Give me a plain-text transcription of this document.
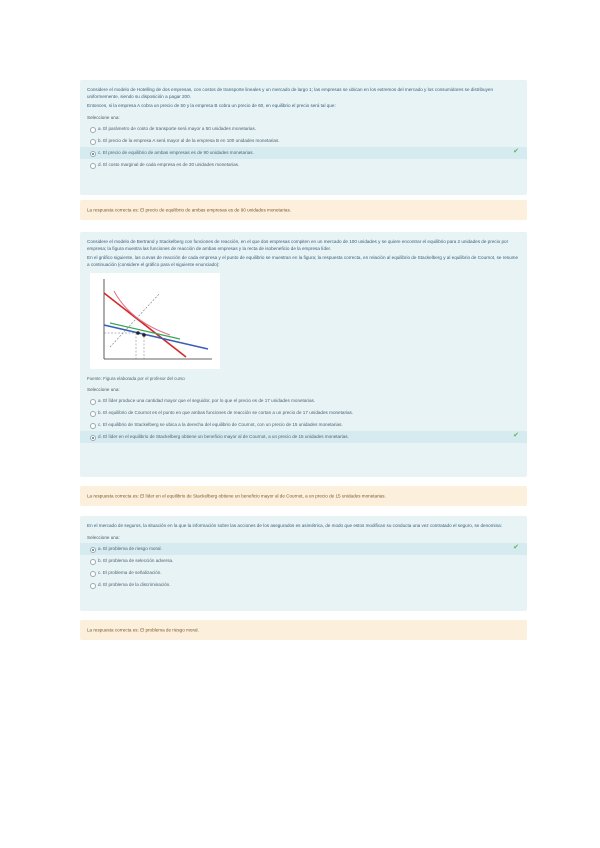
Considere el modelo de Hotelling de dos empresas, con costos de transporte lineales y un mercado de largo 1; las empresas se ubican en los extremos del mercado y los consumidores se distribuyen uniformemente, siendo su disposición a pagar 200.

Entonces, si la empresa A cobra un precio de 50 y la empresa B cobra un precio de 60, en equilibrio el precio será tal que:

Seleccione una:
a. El parámetro de costo de transporte será mayor a 50 unidades monetarias.
b. El precio de la empresa A será mayor al de la empresa B en 100 unidades monetarias.
c. El precio de equilibrio de ambas empresas es de 90 unidades monetarias.	✔
d. El costo marginal de cada empresa es de 30 unidades monetarias.
La respuesta correcta es: El precio de equilibrio de ambas empresas es de 90 unidades monetarias.

Considere el modelo de Bertrand y Stackelberg con funciones de reacción, en el que dos empresas compiten en un mercado de 100 unidades y se quiere encontrar el equilibrio para 2 unidades de precio por empresa; la figura muestra las funciones de reacción de ambas empresas y la recta de isobeneficio de la empresa líder.

En el gráfico siguiente, las curvas de reacción de cada empresa y el punto de equilibrio se muestran en la figura; la respuesta correcta, en relación al equilibrio de Stackelberg y al equilibrio de Cournot, se resume a continuación (considere el gráfico para el siguiente enunciado):

Fuente: Figura elaborada por el profesor del curso
Seleccione una:
a. El líder produce una cantidad mayor que el seguidor, por lo que el precio es de 17 unidades monetarias.
b. El equilibrio de Cournot es el punto en que ambas funciones de reacción se cortan a un precio de 17 unidades monetarias.
c. El equilibrio de Stackelberg se ubica a la derecha del equilibrio de Cournot, con un precio de 15 unidades monetarias.
d. El líder en el equilibrio de Stackelberg obtiene un beneficio mayor al de Cournot, a un precio de 15 unidades monetarias.	✔
La respuesta correcta es: El líder en el equilibrio de Stackelberg obtiene un beneficio mayor al de Cournot, a un precio de 15 unidades monetarias.

En el mercado de seguros, la situación en la que la información sobre las acciones de los asegurados es asimétrica, de modo que estos modifican su conducta una vez contratado el seguro, se denomina:

Seleccione una:
a. El problema de riesgo moral.	✔
b. El problema de selección adversa.
c. El problema de señalización.
d. El problema de la discriminación.
La respuesta correcta es: El problema de riesgo moral.
